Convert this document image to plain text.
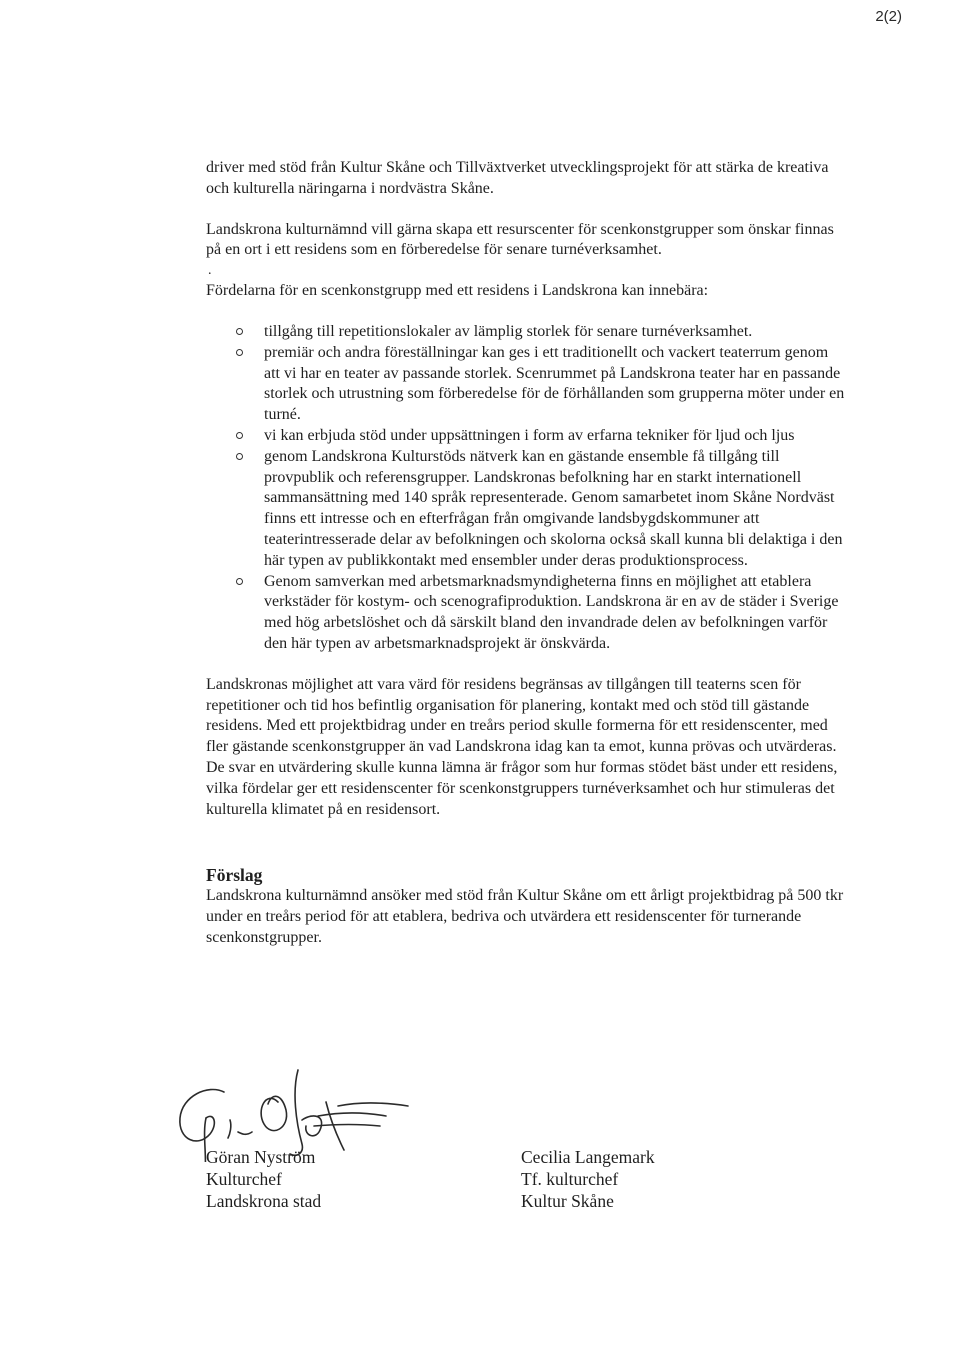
2(2)

driver med stöd från Kultur Skåne och Tillväxtverket utvecklingsprojekt för att stärka de kreativa och kulturella näringarna i nordvästra Skåne.

Landskrona kulturnämnd vill gärna skapa ett resurscenter för scenkonstgrupper som önskar finnas på en ort i ett residens som en förberedelse för senare turnéverksamhet.

.

Fördelarna för en scenkonstgrupp med ett residens i Landskrona kan innebära:

tillgång till repetitionslokaler av lämplig storlek för senare turnéverksamhet.
premiär och andra föreställningar kan ges i ett traditionellt och vackert teaterrum genom att vi har en teater av passande storlek. Scenrummet på Landskrona teater har en passande storlek och utrustning som förberedelse för de förhållanden som grupperna möter under en turné.
vi kan erbjuda stöd under uppsättningen i form av erfarna tekniker för ljud och ljus
genom Landskrona Kulturstöds nätverk kan en gästande ensemble få tillgång till provpublik och referensgrupper. Landskronas befolkning har en starkt internationell sammansättning med 140 språk representerade. Genom samarbetet inom Skåne Nordväst finns ett intresse och en efterfrågan från omgivande landsbygdskommuner att teaterintresserade delar av befolkningen och skolorna också skall kunna bli delaktiga i den här typen av publikkontakt med ensembler under deras produktionsprocess.
Genom samverkan med arbetsmarknadsmyndigheterna finns en möjlighet att etablera verkstäder för kostym- och scenografiproduktion. Landskrona är en av de städer i Sverige med hög arbetslöshet och då särskilt bland den invandrade delen av befolkningen varför den här typen av arbetsmarknadsprojekt är önskvärda.

Landskronas möjlighet att vara värd för residens begränsas av tillgången till teaterns scen för repetitioner och tid hos befintlig organisation för planering, kontakt med och stöd till gästande residens. Med ett projektbidrag under en treårs period skulle formerna för ett residenscenter, med fler gästande scenkonstgrupper än vad Landskrona idag kan ta emot, kunna prövas och utvärderas. De svar en utvärdering skulle kunna lämna är frågor som hur formas stödet bäst under ett residens, vilka fördelar ger ett residenscenter för scenkonstgruppers turnéverksamhet och hur stimuleras det kulturella klimatet på en residensort.

Förslag

Landskrona kulturnämnd ansöker med stöd från Kultur Skåne om ett årligt projektbidrag på 500 tkr under en treårs period för att etablera, bedriva och utvärdera ett residenscenter för turnerande scenkonstgrupper.

Göran Nyström
Kulturchef
Landskrona stad
Cecilia Langemark
Tf. kulturchef
Kultur Skåne
